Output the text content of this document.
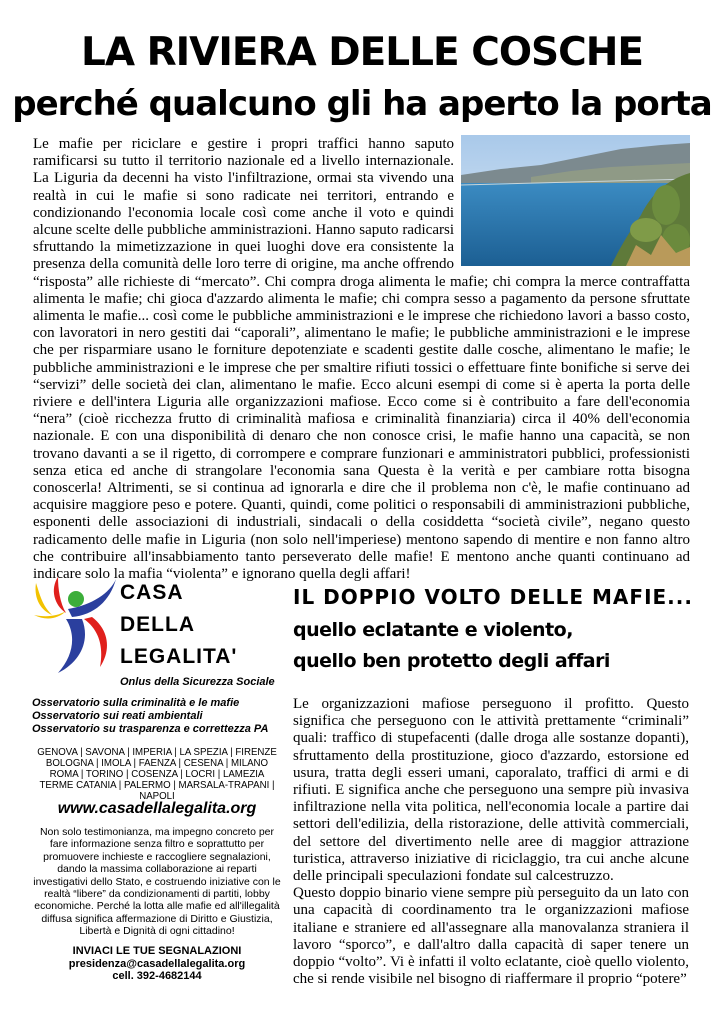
LA RIVIERA DELLE COSCHE
perché qualcuno gli ha aperto la porta

Le mafie per riciclare e gestire i propri traffici hanno saputo ramificarsi su tutto il territorio nazionale ed a livello internazionale. La Liguria da decenni ha visto l'infiltrazione, ormai sta vivendo una realtà in cui le mafie si sono radicate nei territori, entrando e condizionando l'economia locale così come anche il voto e quindi alcune scelte delle pubbliche amministrazioni. Hanno saputo radicarsi sfruttando la mimetizzazione in quei luoghi dove era consistente la presenza della comunità delle loro terre di origine, ma anche offrendo “risposta” alle richieste di “mercato”. Chi compra droga alimenta le mafie; chi compra la merce contraffatta alimenta le mafie; chi gioca d'azzardo alimenta le mafie; chi compra sesso a pagamento da persone sfruttate alimenta le mafie... così come le pubbliche amministrazioni e le imprese che richiedono lavori a basso costo, con lavoratori in nero gestiti dai “caporali”, alimentano le mafie; le pubbliche amministrazioni e le imprese che per risparmiare usano le forniture depotenziate e scadenti gestite dalle cosche, alimentano le mafie; le pubbliche amministrazioni e le imprese che per smaltire rifiuti tossici o effettuare finte bonifiche si serve dei “servizi” delle società dei clan, alimentano le mafie. Ecco alcuni esempi di come si è aperta la porta delle riviere e dell'intera Liguria alle organizzazioni mafiose. Ecco come si è contribuito a fare dell'economia “nera” (cioè ricchezza frutto di criminalità mafiosa e criminalità finanziaria) circa il 40% dell'economia nazionale. E con una disponibilità di denaro che non conosce crisi, le mafie hanno una capacità, se non trovano davanti a se il rigetto, di corrompere e comprare funzionari e amministratori pubblici, professionisti senza etica ed anche di strangolare l'economia sana Questa è la verità e per cambiare rotta bisogna conoscerla! Altrimenti, se si continua ad ignorarla e dire che il problema non c'è, le mafie continuano ad acquisire maggiore peso e potere. Quanti, quindi, come politici o responsabili di amministrazioni pubbliche, esponenti delle associazioni di industriali, sindacali o della cosiddetta “società civile”, negano questo radicamento delle mafie in Liguria (non solo nell'imperiese) mentono sapendo di mentire e non fanno altro che contribuire all'insabbiamento tanto perseverato delle mafie! E mentono anche quanti continuano ad indicare solo la mafia “violenta” e ignorano quella degli affari!

CASA
DELLA
LEGALITA'
Onlus della Sicurezza Sociale
Osservatorio sulla criminalità e le mafie
Osservatorio sui reati ambientali
Osservatorio su trasparenza e correttezza PA
GENOVA | SAVONA | IMPERIA | LA SPEZIA | FIRENZE BOLOGNA | IMOLA | FAENZA | CESENA | MILANO ROMA | TORINO | COSENZA | LOCRI | LAMEZIA TERME CATANIA | PALERMO | MARSALA-TRAPANI | NAPOLI
www.casadellalegalita.org
Non solo testimonianza, ma impegno concreto per fare informazione senza filtro e soprattutto per promuovere inchieste e raccogliere segnalazioni, dando la massima collaborazione ai reparti investigativi dello Stato, e costruendo iniziative con le realtà “libere” da condizionamenti di partiti, lobby economiche. Perché la lotta alle mafie ed all'illegalità diffusa significa affermazione di Diritto e Giustizia, Libertà e Dignità di ogni cittadino!
INVIACI LE TUE SEGNALAZIONI
presidenza@casadellalegalita.org
cell. 392-4682144
IL DOPPIO VOLTO DELLE MAFIE...
quello eclatante e violento,
quello ben protetto degli affari

Le organizzazioni mafiose perseguono il profitto. Questo significa che perseguono con le attività prettamente “criminali” quali: traffico di stupefacenti (dalle droga alle sostanze dopanti), sfruttamento della prostituzione, gioco d'azzardo, estorsione ed usura, tratta degli esseri umani, caporalato, traffici di armi e di rifiuti. E significa anche che perseguono una sempre più invasiva infiltrazione nella vita politica, nell'economia locale a partire dai settori dell'edilizia, della ristorazione, delle attività commerciali, del settore del divertimento nelle aree di maggior attrazione turistica, attraverso iniziative di riciclaggio, tra cui anche alcune delle principali speculazioni fondate sul calcestruzzo.

Questo doppio binario viene sempre più perseguito da un lato con una capacità di coordinamento tra le organizzazioni mafiose italiane e straniere ed all'assegnare alla manovalanza straniera il lavoro “sporco”, e dall'altro dalla capacità di saper tenere un doppio “volto”. Vi è infatti il volto eclatante, cioè quello violento, che si rende visibile nel bisogno di riaffermare il proprio “potere”
